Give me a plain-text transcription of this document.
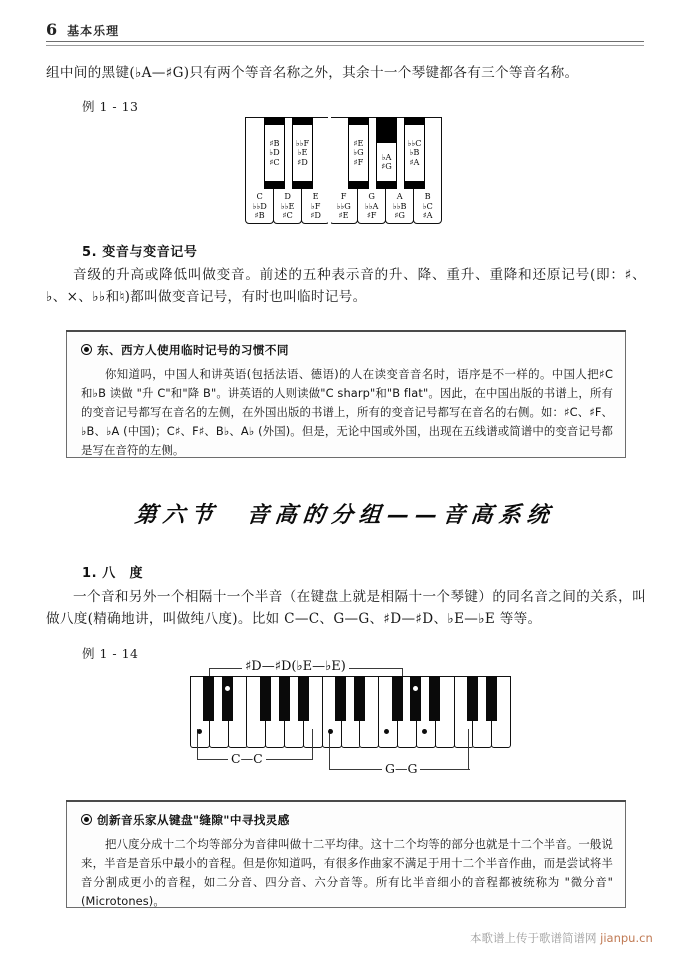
6 基本乐理
组中间的黑键(♭A—♯G)只有两个等音名称之外，其余十一个琴键都各有三个等音名称。
例 1 - 13
C
♭♭D
♯B
D
♭♭E
♯C
E
♭F
♯D
F
♭♭G
♯E
G
♭♭A
♯F
A
♭♭B
♯G
B
♭C
♯A
♯B
♭D
♯C
♭♭F
♭E
♯D
♯E
♭G
♯F
♭A
♯G
♭♭C
♭B
♯A
5. 变音与变音记号
音级的升高或降低叫做变音。前述的五种表示音的升、降、重升、重降和还原记号(即：♯、♭、×、♭♭和♮)都叫做变音记号，有时也叫临时记号。
东、西方人使用临时记号的习惯不同
你知道吗，中国人和讲英语(包括法语、德语)的人在读变音音名时，语序是不一样的。中国人把♯C 和♭B 读做 "升 C"和"降 B"。讲英语的人则读做"C sharp"和"B flat"。因此，在中国出版的书谱上，所有的变音记号都写在音名的左侧，在外国出版的书谱上，所有的变音记号都写在音名的右侧。如：♯C、♯F、♭B、♭A (中国)；C♯、F♯、B♭、A♭ (外国)。但是，无论中国或外国，出现在五线谱或简谱中的变音记号都是写在音符的左侧。
第六节　音高的分组——音高系统
1. 八　度
一个音和另外一个相隔十一个半音（在键盘上就是相隔十一个琴键）的同名音之间的关系，叫做八度(精确地讲，叫做纯八度)。比如 C—C、G—G、♯D—♯D、♭E—♭E 等等。
例 1 - 14
♯D—♯D(♭E—♭E)
C—C
G—G
创新音乐家从键盘"缝隙"中寻找灵感
把八度分成十二个均等部分为音律叫做十二平均律。这十二个均等的部分也就是十二个半音。一般说来，半音是音乐中最小的音程。但是你知道吗，有很多作曲家不满足于用十二个半音作曲，而是尝试将半音分割成更小的音程，如二分音、四分音、六分音等。所有比半音细小的音程都被统称为 "微分音"(Microtones)。
本歌谱上传于歌谱简谱网 jianpu.cn
